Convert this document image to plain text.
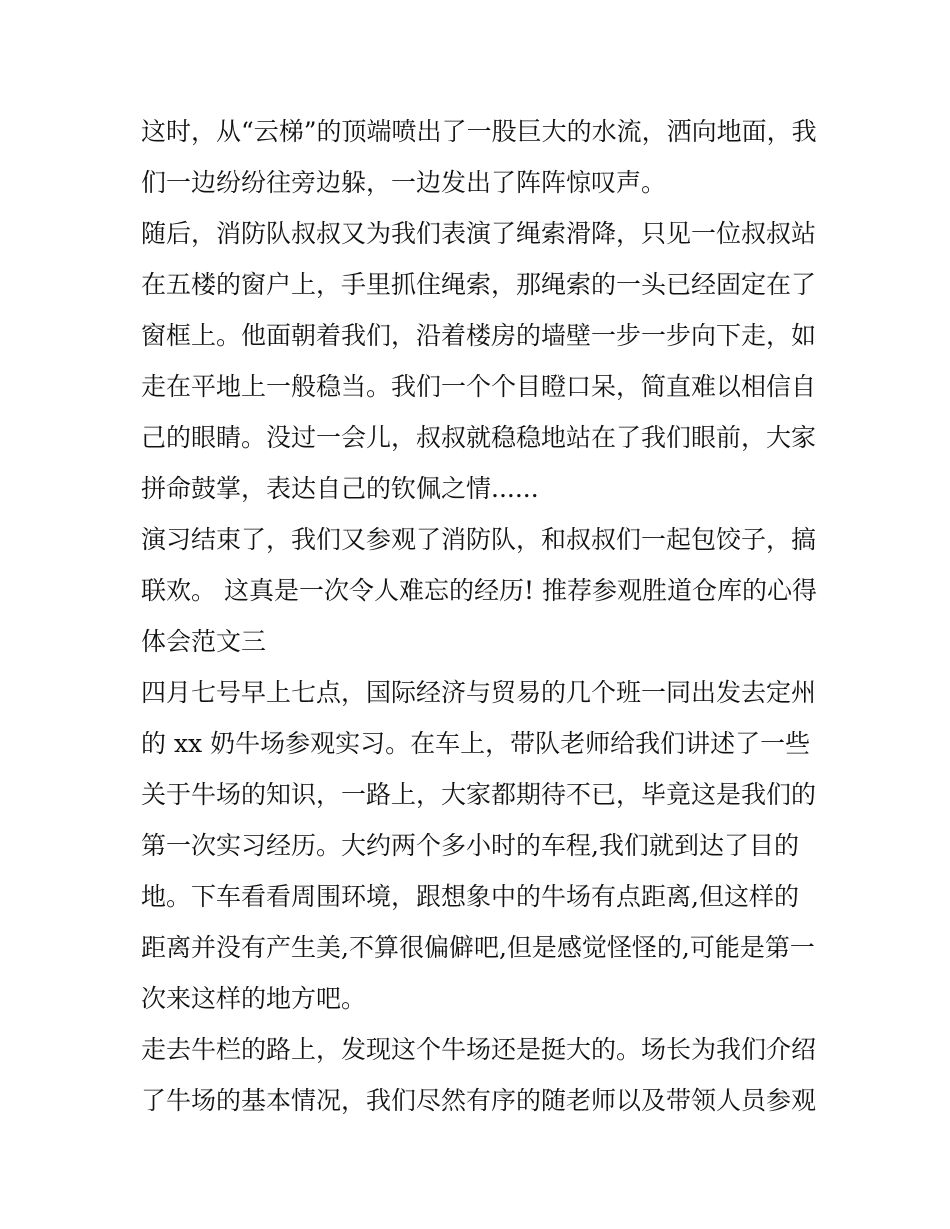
这时，从“云梯”的顶端喷出了一股巨大的水流，洒向地面，我
们一边纷纷往旁边躲，一边发出了阵阵惊叹声。

随后，消防队叔叔又为我们表演了绳索滑降，只见一位叔叔站
在五楼的窗户上，手里抓住绳索，那绳索的一头已经固定在了
窗框上。他面朝着我们，沿着楼房的墙壁一步一步向下走，如
走在平地上一般稳当。我们一个个目瞪口呆，简直难以相信自
己的眼睛。没过一会儿，叔叔就稳稳地站在了我们眼前，大家
拼命鼓掌，表达自己的钦佩之情......

演习结束了，我们又参观了消防队，和叔叔们一起包饺子，搞
联欢。 这真是一次令人难忘的经历! 推荐参观胜道仓库的心得
体会范文三

四月七号早上七点，国际经济与贸易的几个班一同出发去定州
的 xx 奶牛场参观实习。在车上，带队老师给我们讲述了一些
关于牛场的知识，一路上，大家都期待不已，毕竟这是我们的
第一次实习经历。大约两个多小时的车程,我们就到达了目的
地。下车看看周围环境，跟想象中的牛场有点距离,但这样的
距离并没有产生美,不算很偏僻吧,但是感觉怪怪的,可能是第一
次来这样的地方吧。

走去牛栏的路上，发现这个牛场还是挺大的。场长为我们介绍
了牛场的基本情况，我们尽然有序的随老师以及带领人员参观
